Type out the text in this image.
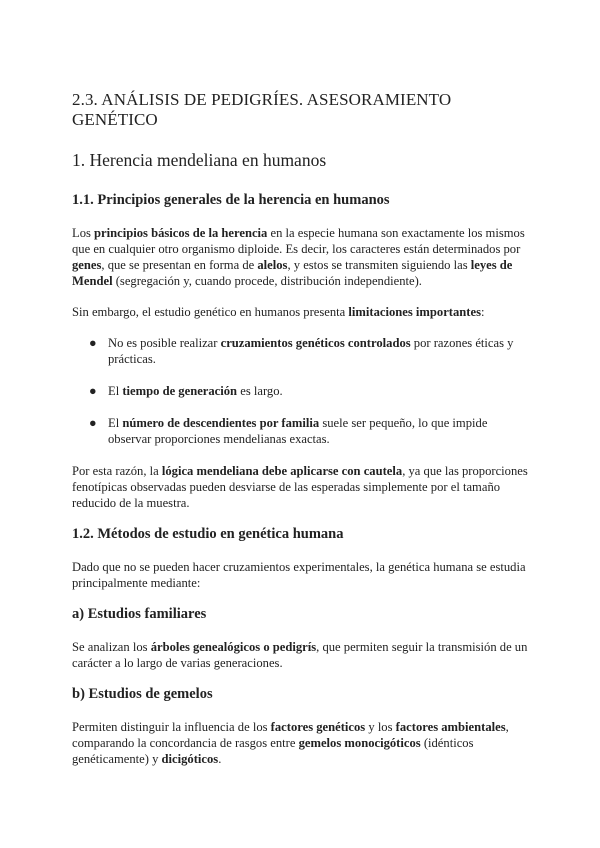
2.3. ANÁLISIS DE PEDIGRÍES. ASESORAMIENTO GENÉTICO
1. Herencia mendeliana en humanos
1.1. Principios generales de la herencia en humanos

Los principios básicos de la herencia en la especie humana son exactamente los mismos que en cualquier otro organismo diploide. Es decir, los caracteres están determinados por genes, que se presentan en forma de alelos, y estos se transmiten siguiendo las leyes de Mendel (segregación y, cuando procede, distribución independiente).

Sin embargo, el estudio genético en humanos presenta limitaciones importantes:

● No es posible realizar cruzamientos genéticos controlados por razones éticas y prácticas.
● El tiempo de generación es largo.
● El número de descendientes por familia suele ser pequeño, lo que impide observar proporciones mendelianas exactas.

Por esta razón, la lógica mendeliana debe aplicarse con cautela, ya que las proporciones fenotípicas observadas pueden desviarse de las esperadas simplemente por el tamaño reducido de la muestra.

1.2. Métodos de estudio en genética humana

Dado que no se pueden hacer cruzamientos experimentales, la genética humana se estudia principalmente mediante:

a) Estudios familiares

Se analizan los árboles genealógicos o pedigrís, que permiten seguir la transmisión de un carácter a lo largo de varias generaciones.

b) Estudios de gemelos

Permiten distinguir la influencia de los factores genéticos y los factores ambientales, comparando la concordancia de rasgos entre gemelos monocigóticos (idénticos genéticamente) y dicigóticos.
